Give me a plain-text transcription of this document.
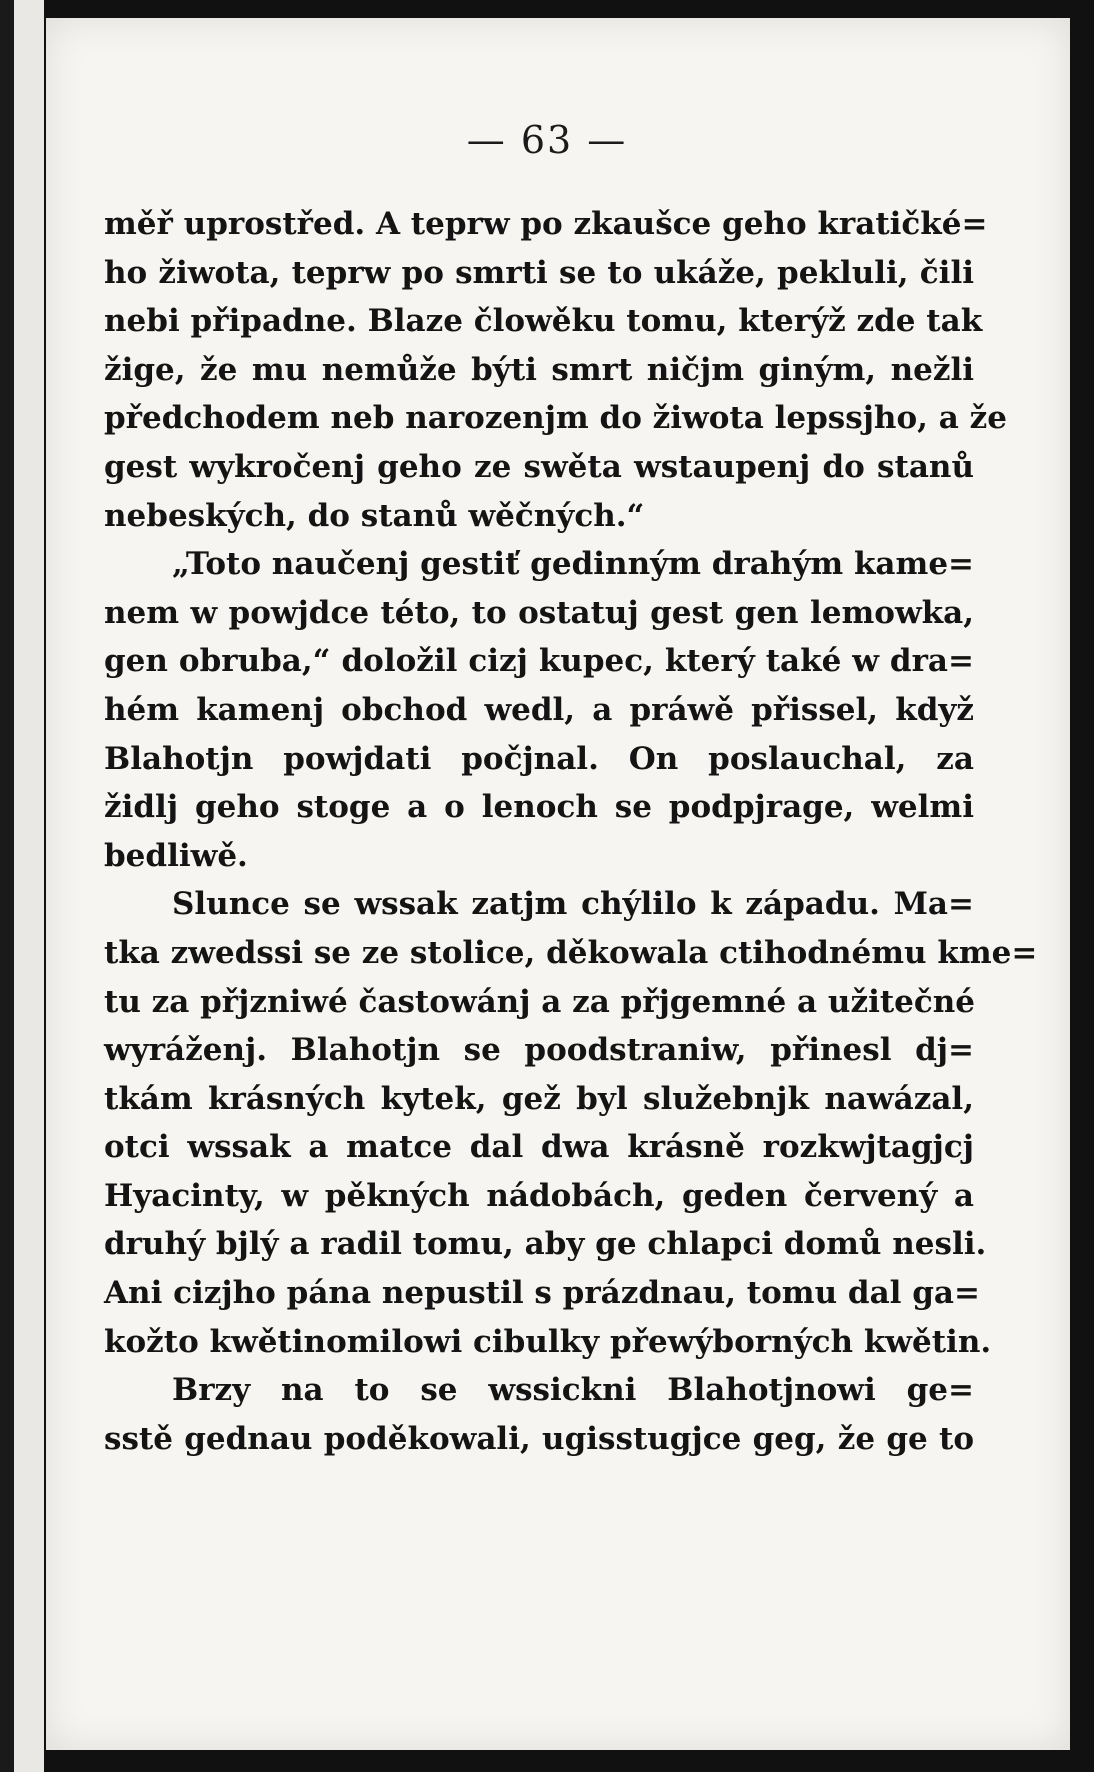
— 63 —
měř uprostřed. A teprw po zkaušce geho kratičké=
ho žiwota, teprw po smrti se to ukáže, pekluli, čili
nebi připadne. Blaze člowěku tomu, kterýž zde tak
žige, že mu nemůže býti smrt ničjm giným, nežli
předchodem neb narozenjm do žiwota lepssjho, a že
gest wykročenj geho ze swěta wstaupenj do stanů
nebeských, do stanů wěčných.“
„Toto naučenj gestiť gedinným drahým kame=
nem w powjdce této, to ostatuj gest gen lemowka,
gen obruba,“ doložil cizj kupec, který také w dra=
hém kamenj obchod wedl, a práwě přissel, když
Blahotjn powjdati počjnal. On poslauchal, za
židlj geho stoge a o lenoch se podpjrage, welmi
bedliwě.
Slunce se wssak zatjm chýlilo k západu. Ma=
tka zwedssi se ze stolice, děkowala ctihodnému kme=
tu za přjzniwé častowánj a za přjgemné a užitečné
wyráženj. Blahotjn se poodstraniw, přinesl dj=
tkám krásných kytek, gež byl služebnjk nawázal,
otci wssak a matce dal dwa krásně rozkwjtagjcj
Hyacinty, w pěkných nádobách, geden červený a
druhý bjlý a radil tomu, aby ge chlapci domů nesli.
Ani cizjho pána nepustil s prázdnau, tomu dal ga=
kožto kwětinomilowi cibulky přewýborných kwětin.
Brzy na to se wssickni Blahotjnowi ge=
sstě gednau poděkowali, ugisstugjce geg, že ge to
